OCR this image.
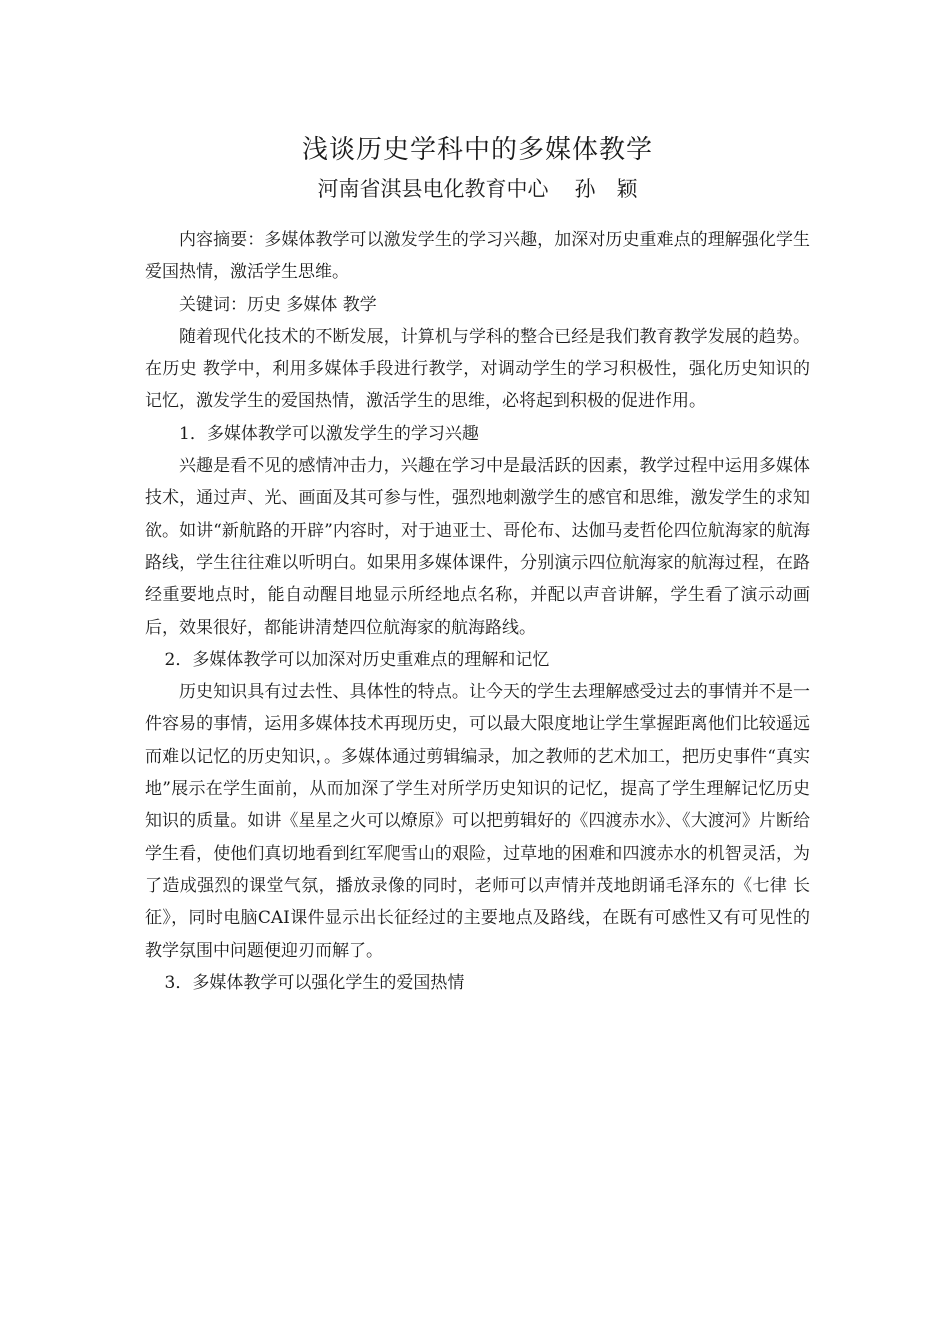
浅谈历史学科中的多媒体教学

河南省淇县电化教育中心 孙　颖

内容摘要：多媒体教学可以激发学生的学习兴趣，加深对历史重难点的理解强化学生爱国热情，激活学生思维。

关键词：历史 多媒体 教学

随着现代化技术的不断发展，计算机与学科的整合已经是我们教育教学发展的趋势。在历史 教学中，利用多媒体手段进行教学，对调动学生的学习积极性，强化历史知识的记忆，激发学生的爱国热情，激活学生的思维，必将起到积极的促进作用。

1．多媒体教学可以激发学生的学习兴趣

兴趣是看不见的感情冲击力，兴趣在学习中是最活跃的因素，教学过程中运用多媒体技术，通过声、光、画面及其可参与性，强烈地刺激学生的感官和思维，激发学生的求知欲。如讲“新航路的开辟”内容时，对于迪亚士、哥伦布、达伽马麦哲伦四位航海家的航海路线，学生往往难以听明白。如果用多媒体课件，分别演示四位航海家的航海过程，在路经重要地点时，能自动醒目地显示所经地点名称，并配以声音讲解，学生看了演示动画后，效果很好，都能讲清楚四位航海家的航海路线。

2．多媒体教学可以加深对历史重难点的理解和记忆

历史知识具有过去性、具体性的特点。让今天的学生去理解感受过去的事情并不是一件容易的事情，运用多媒体技术再现历史，可以最大限度地让学生掌握距离他们比较遥远而难以记忆的历史知识，。多媒体通过剪辑编录，加之教师的艺术加工，把历史事件“真实地”展示在学生面前，从而加深了学生对所学历史知识的记忆，提高了学生理解记忆历史知识的质量。如讲《星星之火可以燎原》可以把剪辑好的《四渡赤水》、《大渡河》片断给学生看，使他们真切地看到红军爬雪山的艰险，过草地的困难和四渡赤水的机智灵活，为了造成强烈的课堂气氛，播放录像的同时，老师可以声情并茂地朗诵毛泽东的《七律 长征》，同时电脑CAI课件显示出长征经过的主要地点及路线，在既有可感性又有可见性的教学氛围中问题便迎刃而解了。

3．多媒体教学可以强化学生的爱国热情
